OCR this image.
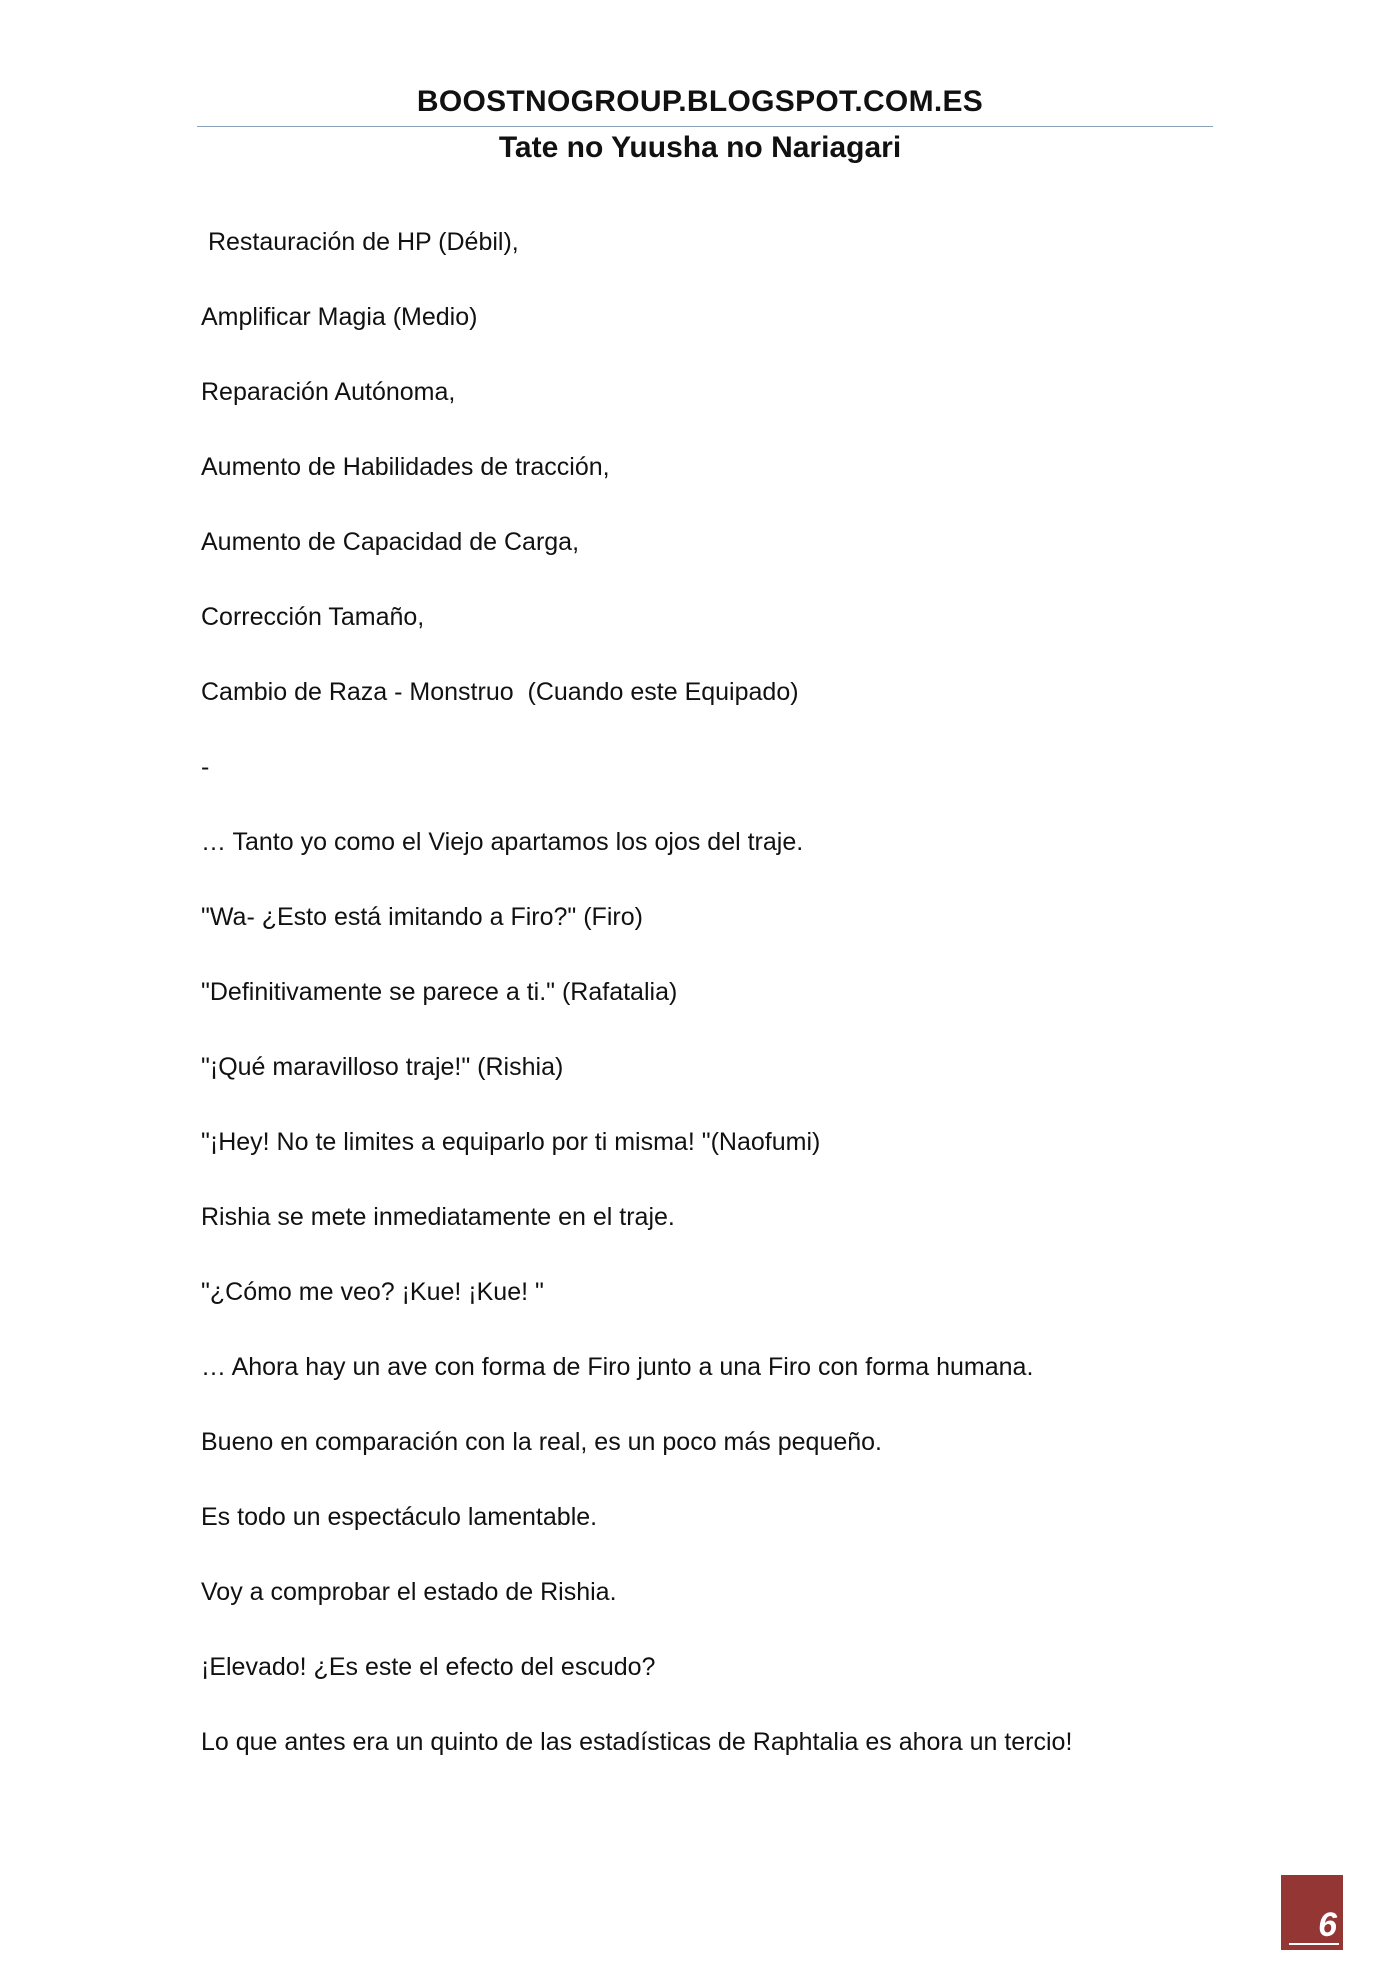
BOOSTNOGROUP.BLOGSPOT.COM.ES
Tate no Yuusha no Nariagari
Restauración de HP (Débil),
Amplificar Magia (Medio)
Reparación Autónoma,
Aumento de Habilidades de tracción,
Aumento de Capacidad de Carga,
Corrección Tamaño,
Cambio de Raza - Monstruo  (Cuando este Equipado)
-
… Tanto yo como el Viejo apartamos los ojos del traje.
"Wa- ¿Esto está imitando a Firo?" (Firo)
"Definitivamente se parece a ti." (Rafatalia)
"¡Qué maravilloso traje!" (Rishia)
"¡Hey! No te limites a equiparlo por ti misma! "(Naofumi)
Rishia se mete inmediatamente en el traje.
"¿Cómo me veo? ¡Kue! ¡Kue! "
… Ahora hay un ave con forma de Firo junto a una Firo con forma humana.
Bueno en comparación con la real, es un poco más pequeño.
Es todo un espectáculo lamentable.
Voy a comprobar el estado de Rishia.
¡Elevado! ¿Es este el efecto del escudo?
Lo que antes era un quinto de las estadísticas de Raphtalia es ahora un tercio!
6
